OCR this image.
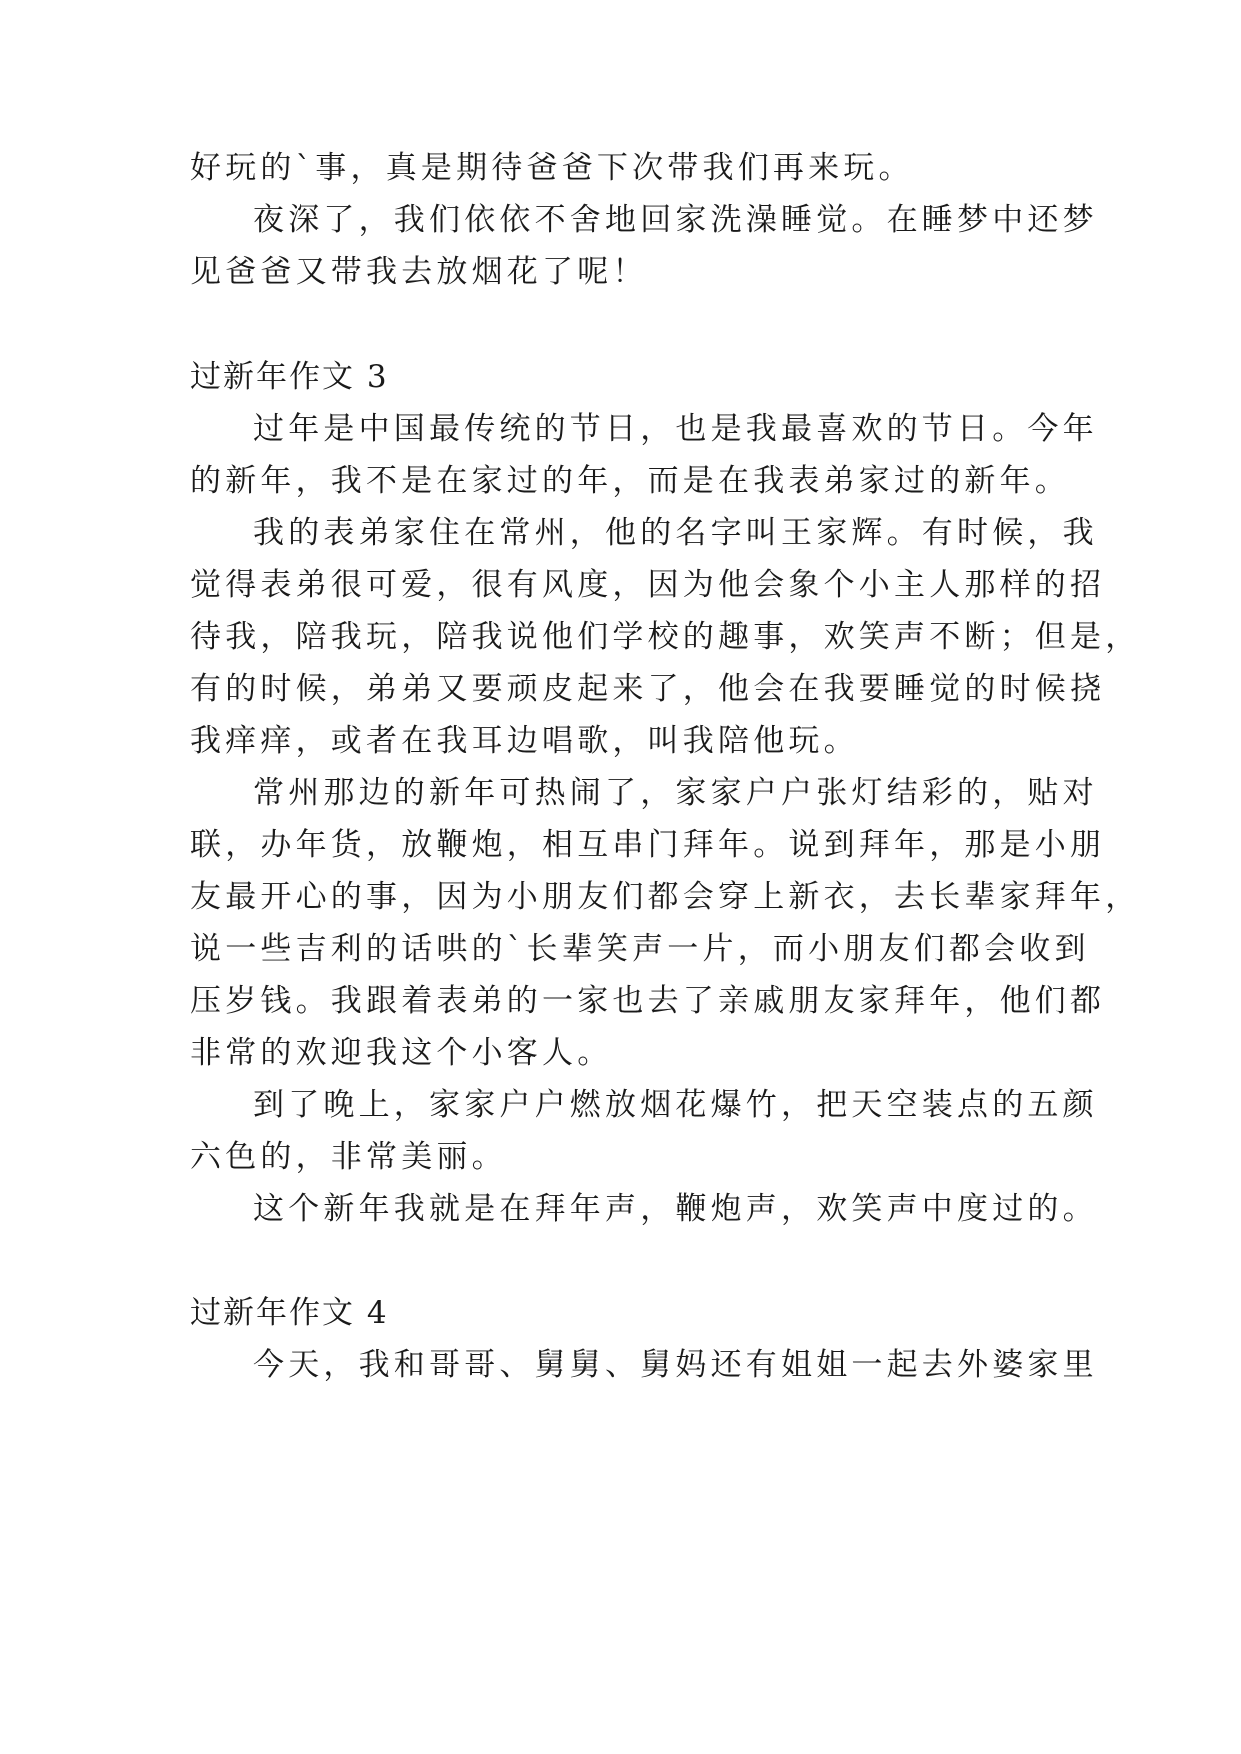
好玩的`事，真是期待爸爸下次带我们再来玩。
夜深了，我们依依不舍地回家洗澡睡觉。在睡梦中还梦
见爸爸又带我去放烟花了呢！
过新年作文 3
过年是中国最传统的节日，也是我最喜欢的节日。今年
的新年，我不是在家过的年，而是在我表弟家过的新年。
我的表弟家住在常州，他的名字叫王家辉。有时候，我
觉得表弟很可爱，很有风度，因为他会象个小主人那样的招
待我，陪我玩，陪我说他们学校的趣事，欢笑声不断；但是，
有的时候，弟弟又要顽皮起来了，他会在我要睡觉的时候挠
我痒痒，或者在我耳边唱歌，叫我陪他玩。
常州那边的新年可热闹了，家家户户张灯结彩的，贴对
联，办年货，放鞭炮，相互串门拜年。说到拜年，那是小朋
友最开心的事，因为小朋友们都会穿上新衣，去长辈家拜年，
说一些吉利的话哄的`长辈笑声一片，而小朋友们都会收到
压岁钱。我跟着表弟的一家也去了亲戚朋友家拜年，他们都
非常的欢迎我这个小客人。
到了晚上，家家户户燃放烟花爆竹，把天空装点的五颜
六色的，非常美丽。
这个新年我就是在拜年声，鞭炮声，欢笑声中度过的。
过新年作文 4
今天，我和哥哥、舅舅、舅妈还有姐姐一起去外婆家里
